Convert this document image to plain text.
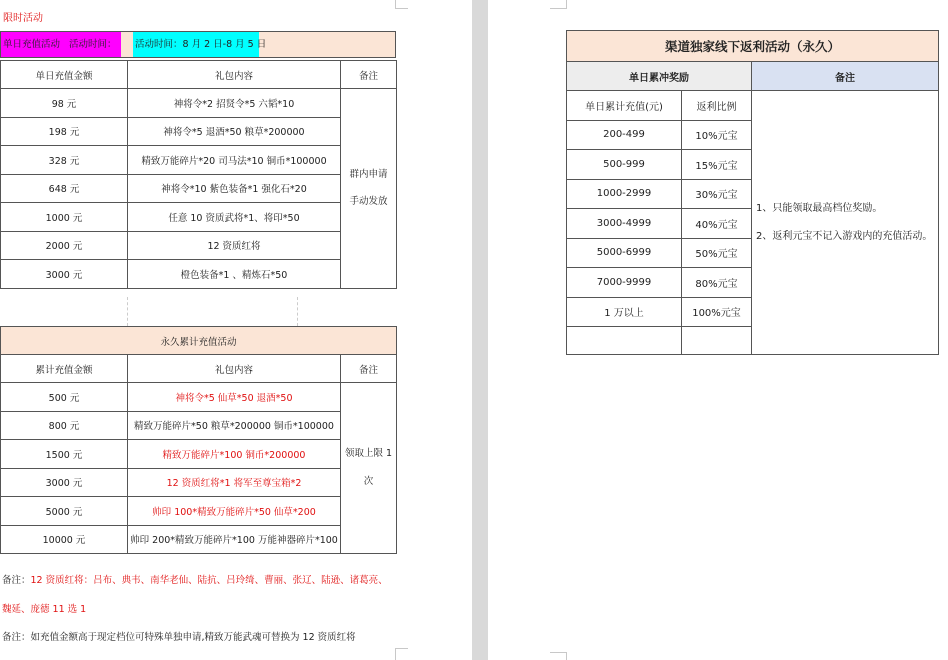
限时活动
单日充值活动 活动时间：	活动时间：8 月 2 日-8 月 5 日
单日充值金额	礼包内容	备注
98 元	神将令*2 招贤令*5 六韬*10	群内申请
手动发放

198 元	神将令*5 退酒*50 粮草*200000	
328 元	精致万能碎片*20 司马法*10 铜币*100000	
648 元	神将令*10 紫色装备*1 强化石*20	
1000 元	任意 10 资质武将*1、将印*50	
2000 元	12 资质红将	
3000 元	橙色装备*1 、精炼石*50	
永久累计充值活动		
累计充值金额	礼包内容	备注
500 元	神将令*5 仙草*50 退酒*50	领取上限 1
次

800 元	精致万能碎片*50 粮草*200000 铜币*100000	
1500 元	精致万能碎片*100 铜币*200000	
3000 元	12 资质红将*1 将军至尊宝箱*2	
5000 元	帅印 100*精致万能碎片*50 仙草*200	
10000 元	帅印 200*精致万能碎片*100 万能神器碎片*100	
备注：12 资质红将：吕布、典韦、南华老仙、陆抗、吕玲绮、曹丽、张辽、陆逊、诸葛亮、
魏延、庞德 11 选 1
备注：如充值金额高于现定档位可特殊单独申请,精致万能武魂可替换为 12 资质红将
渠道独家线下返利活动（永久）		
单日累冲奖励		备注
单日累计充值(元)	返利比例	1、只能领取最高档位奖励。
2、返利元宝不记入游戏内的充值活动。

200-499	10%元宝	
500-999	15%元宝	
1000-2999	30%元宝	
3000-4999	40%元宝	
5000-6999	50%元宝	
7000-9999	80%元宝	
1 万以上	100%元宝	
